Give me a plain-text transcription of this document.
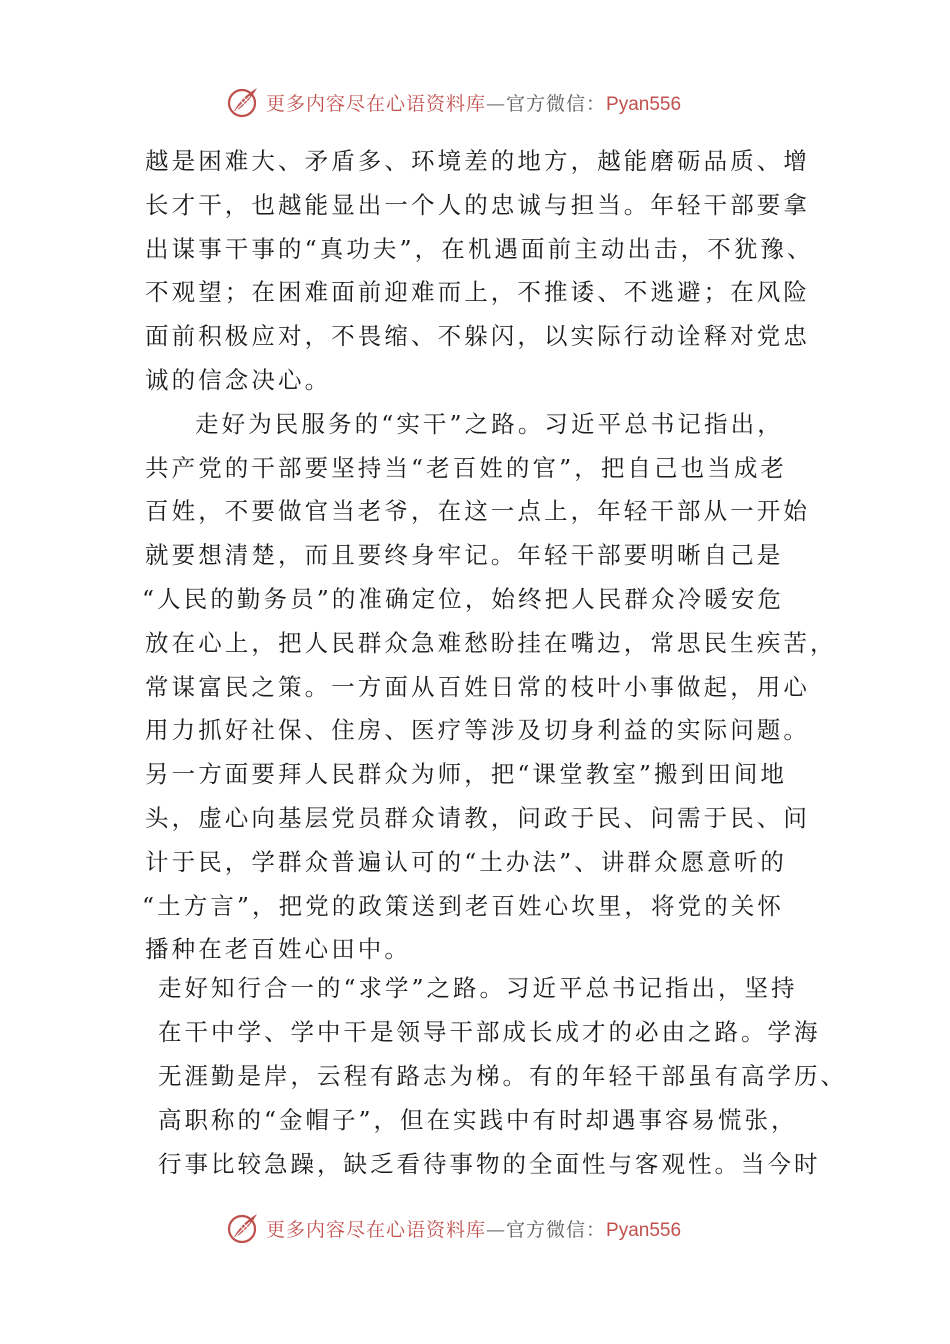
更多内容尽在心语资料库—官方微信：Pyan556
越是困难大、矛盾多、环境差的地方，越能磨砺品质、增
长才干，也越能显出一个人的忠诚与担当。年轻干部要拿
出谋事干事的“真功夫”，在机遇面前主动出击，不犹豫、
不观望；在困难面前迎难而上，不推诿、不逃避；在风险
面前积极应对，不畏缩、不躲闪，以实际行动诠释对党忠
诚的信念决心。
走好为民服务的“实干”之路。习近平总书记指出，
共产党的干部要坚持当“老百姓的官”，把自己也当成老
百姓，不要做官当老爷，在这一点上，年轻干部从一开始
就要想清楚，而且要终身牢记。年轻干部要明晰自己是
“人民的勤务员”的准确定位，始终把人民群众冷暖安危
放在心上，把人民群众急难愁盼挂在嘴边，常思民生疾苦，
常谋富民之策。一方面从百姓日常的枝叶小事做起，用心
用力抓好社保、住房、医疗等涉及切身利益的实际问题。
另一方面要拜人民群众为师，把“课堂教室”搬到田间地
头，虚心向基层党员群众请教，问政于民、问需于民、问
计于民，学群众普遍认可的“土办法”、讲群众愿意听的
“土方言”，把党的政策送到老百姓心坎里，将党的关怀
播种在老百姓心田中。
走好知行合一的“求学”之路。习近平总书记指出，坚持
在干中学、学中干是领导干部成长成才的必由之路。学海
无涯勤是岸，云程有路志为梯。有的年轻干部虽有高学历、
高职称的“金帽子”，但在实践中有时却遇事容易慌张，
行事比较急躁，缺乏看待事物的全面性与客观性。当今时
更多内容尽在心语资料库—官方微信：Pyan556
